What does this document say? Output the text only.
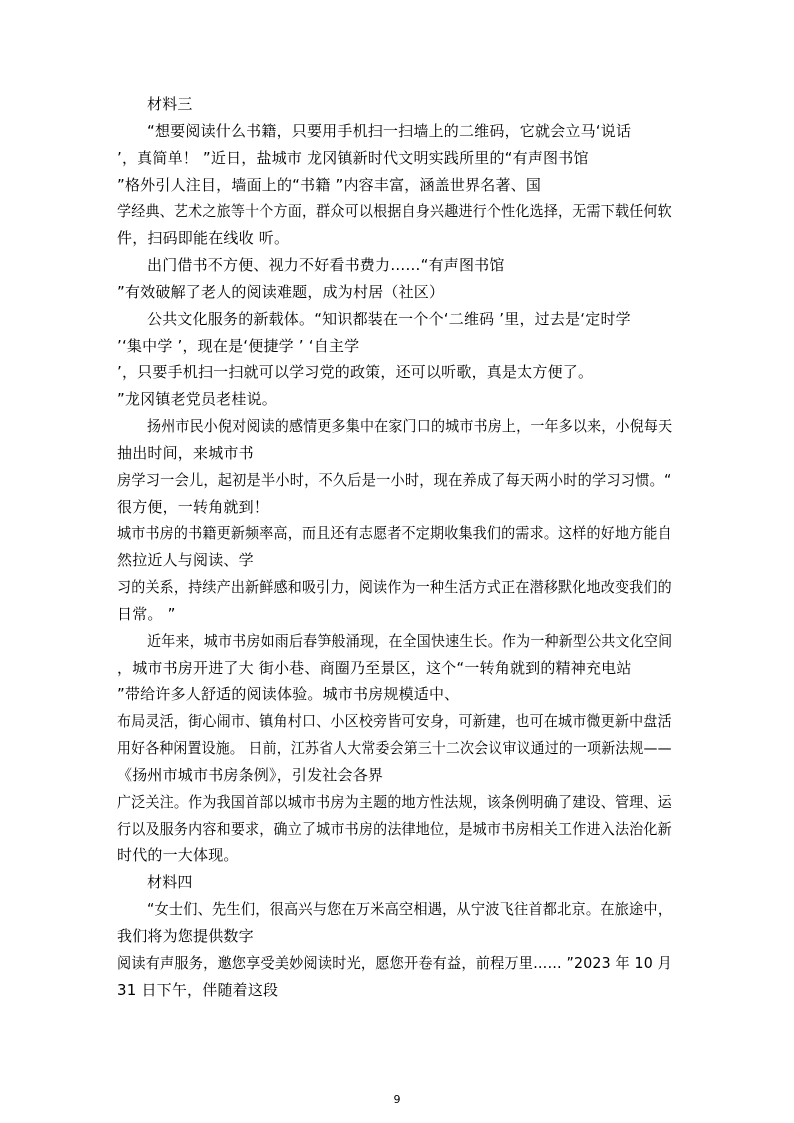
材料三
“想要阅读什么书籍，只要用手机扫一扫墙上的二维码，它就会立马‘说话
’，真简单！ ”近日，盐城市 龙冈镇新时代文明实践所里的“有声图书馆
”格外引人注目，墙面上的“书籍 ”内容丰富，涵盖世界名著、国
学经典、艺术之旅等十个方面，群众可以根据自身兴趣进行个性化选择，无需下载任何软
件，扫码即能在线收 听。
出门借书不方便、视力不好看书费力……“有声图书馆
”有效破解了老人的阅读难题，成为村居（社区）
公共文化服务的新载体。“知识都装在一个个‘二维码 ’里，过去是‘定时学
’‘集中学 ’，现在是‘便捷学 ’ ‘自主学
’，只要手机扫一扫就可以学习党的政策，还可以听歌，真是太方便了。
”龙冈镇老党员老桂说。
扬州市民小倪对阅读的感情更多集中在家门口的城市书房上，一年多以来，小倪每天
抽出时间，来城市书
房学习一会儿，起初是半小时，不久后是一小时，现在养成了每天两小时的学习习惯。“
很方便，一转角就到！
城市书房的书籍更新频率高，而且还有志愿者不定期收集我们的需求。这样的好地方能自
然拉近人与阅读、学
习的关系，持续产出新鲜感和吸引力，阅读作为一种生活方式正在潜移默化地改变我们的
日常。 ”
近年来，城市书房如雨后春笋般涌现，在全国快速生长。作为一种新型公共文化空间
，城市书房开进了大 街小巷、商圈乃至景区，这个“一转角就到的精神充电站
”带给许多人舒适的阅读体验。城市书房规模适中、
布局灵活，街心闹市、镇角村口、小区校旁皆可安身，可新建，也可在城市微更新中盘活
用好各种闲置设施。 日前，江苏省人大常委会第三十二次会议审议通过的一项新法规——
《扬州市城市书房条例》，引发社会各界
广泛关注。作为我国首部以城市书房为主题的地方性法规，该条例明确了建设、管理、运
行以及服务内容和要求，确立了城市书房的法律地位，是城市书房相关工作进入法治化新
时代的一大体现。
材料四
“女士们、先生们，很高兴与您在万米高空相遇，从宁波飞往首都北京。在旅途中，
我们将为您提供数字
阅读有声服务，邀您享受美妙阅读时光，愿您开卷有益，前程万里…… ”2023 年 10 月
31 日下午，伴随着这段
9
